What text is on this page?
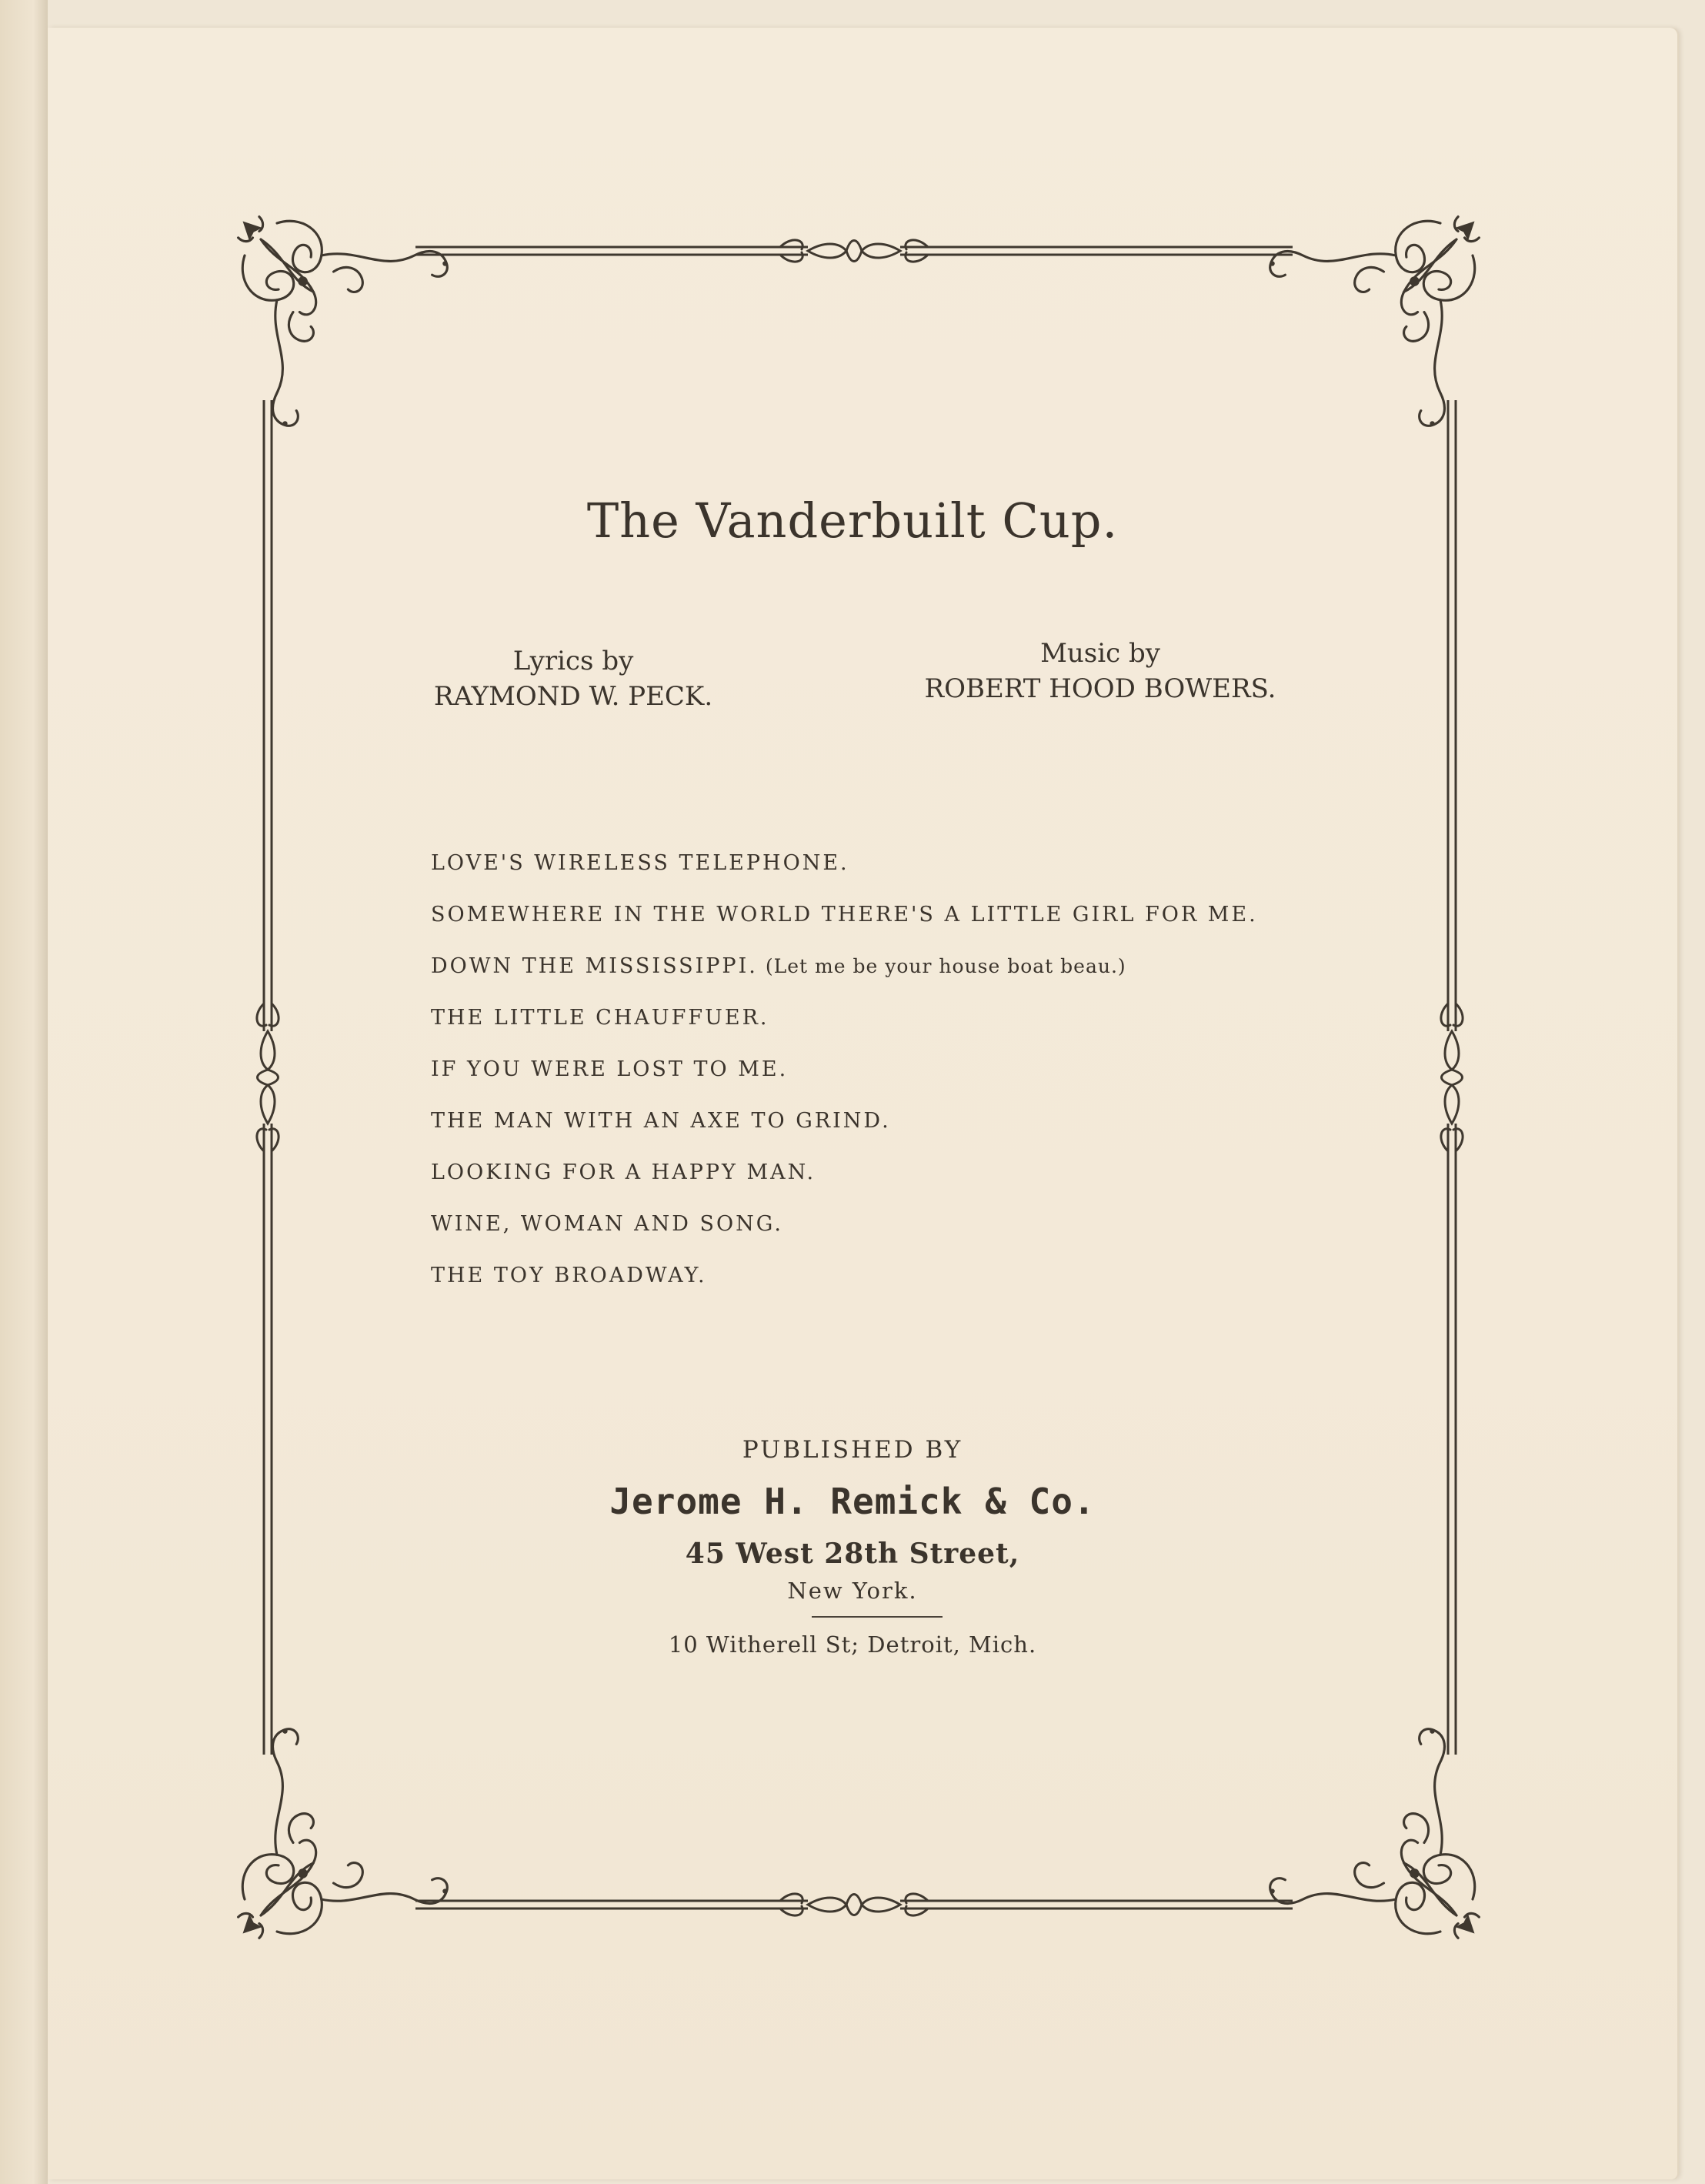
The Vanderbuilt Cup.
Lyrics by
RAYMOND W. PECK.
Music by
ROBERT HOOD BOWERS.
LOVE'S WIRELESS TELEPHONE.
SOMEWHERE IN THE WORLD THERE'S A LITTLE GIRL FOR ME.
DOWN THE MISSISSIPPI. (Let me be your house boat beau.)
THE LITTLE CHAUFFUER.
IF YOU WERE LOST TO ME.
THE MAN WITH AN AXE TO GRIND.
LOOKING FOR A HAPPY MAN.
WINE, WOMAN AND SONG.
THE TOY BROADWAY.
PUBLISHED BY
Jerome H. Remick & Co.
45 West 28th Street,
New York.
10 Witherell St; Detroit, Mich.
